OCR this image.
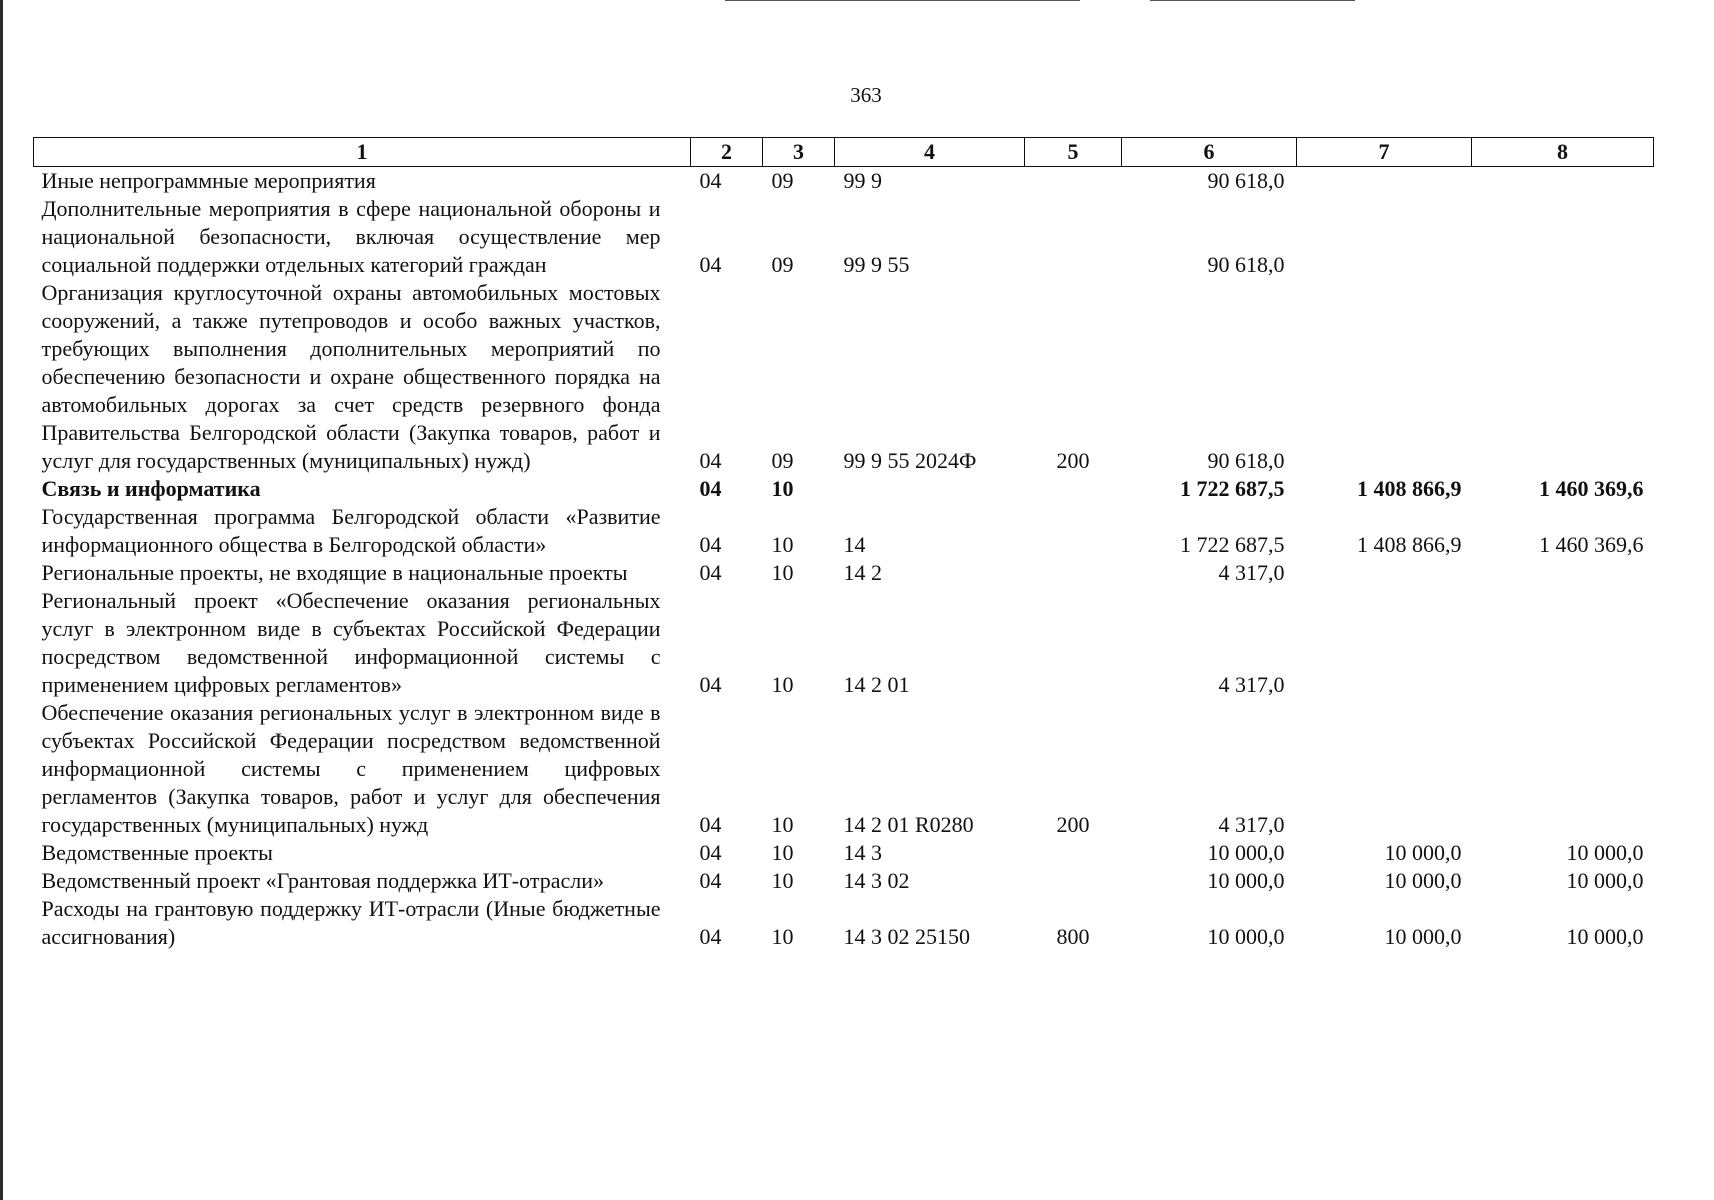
363
1	2	3	4	5	6	7	8
Иные непрограммные мероприятия	04	09	99 9		90 618,0		
Дополнительные мероприятия в сфере национальной обороны и национальной безопасности, включая осуществление мер социальной поддержки отдельных категорий граждан	04	09	99 9 55		90 618,0		
Организация круглосуточной охраны автомобильных мостовых сооружений, а также путепроводов и особо важных участков, требующих выполнения дополнительных мероприятий по обеспечению безопасности и охране общественного порядка на автомобильных дорогах за счет средств резервного фонда Правительства Белгородской области (Закупка товаров, работ и услуг для государственных (муниципальных) нужд)	04	09	99 9 55 2024Ф	200	90 618,0		
Связь и информатика	04	10			1 722 687,5	1 408 866,9	1 460 369,6
Государственная программа Белгородской области «Развитие информационного общества в Белгородской области»	04	10	14		1 722 687,5	1 408 866,9	1 460 369,6
Региональные проекты, не входящие в национальные проекты	04	10	14 2		4 317,0		
Региональный проект «Обеспечение оказания региональных услуг в электронном виде в субъектах Российской Федерации посредством ведомственной информационной системы с применением цифровых регламентов»	04	10	14 2 01		4 317,0		
Обеспечение оказания региональных услуг в электронном виде в субъектах Российской Федерации посредством ведомственной информационной системы с применением цифровых регламентов (Закупка товаров, работ и услуг для обеспечения государственных (муниципальных) нужд	04	10	14 2 01 R0280	200	4 317,0		
Ведомственные проекты	04	10	14 3		10 000,0	10 000,0	10 000,0
Ведомственный проект «Грантовая поддержка ИТ-отрасли»	04	10	14 3 02		10 000,0	10 000,0	10 000,0
Расходы на грантовую поддержку ИТ-отрасли (Иные бюджетные ассигнования)	04	10	14 3 02 25150	800	10 000,0	10 000,0	10 000,0
